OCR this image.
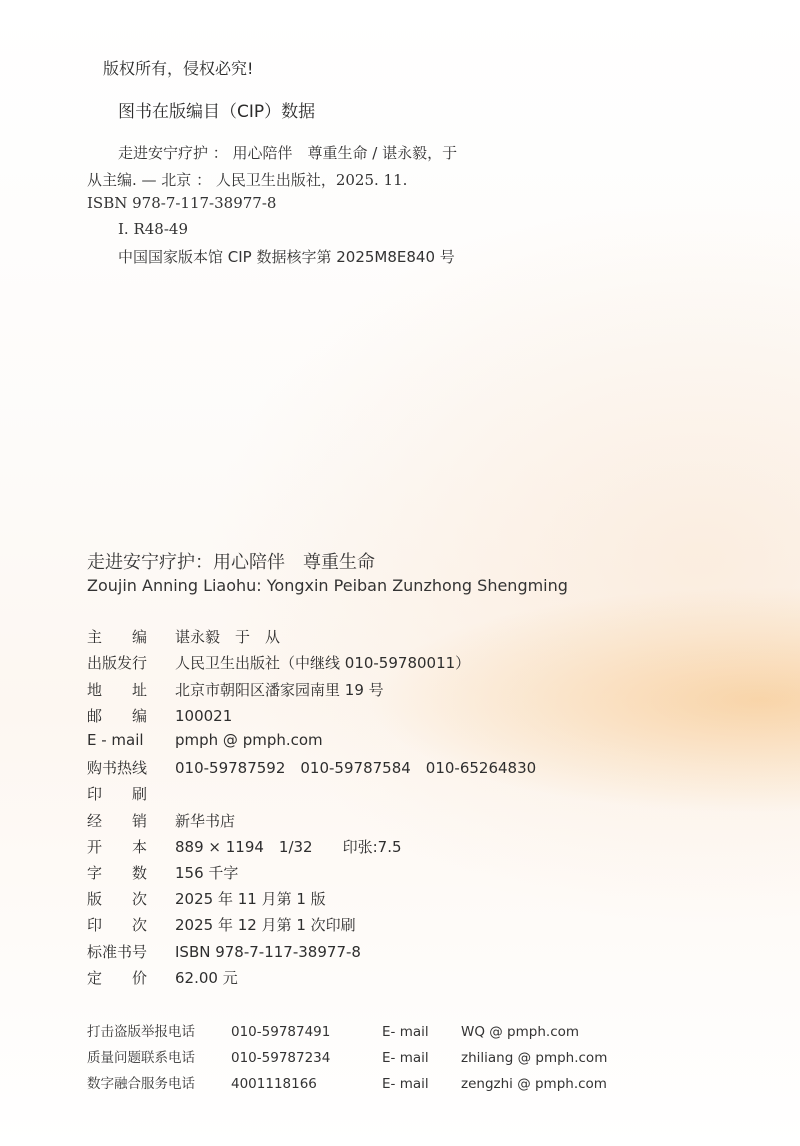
版权所有，侵权必究!
图书在版编目（CIP）数据
走进安宁疗护 ： 用心陪伴　尊重生命 / 谌永毅，于
从主编. — 北京 ： 人民卫生出版社，2025. 11.
ISBN 978-7-117-38977-8
Ⅰ. R48-49
中国国家版本馆 CIP 数据核字第 2025M8E840 号
走进安宁疗护：用心陪伴　尊重生命
Zoujin Anning Liaohu: Yongxin Peiban Zunzhong Shengming
主　　编 谌永毅　于　从
出版发行 人民卫生出版社（中继线 010-59780011）
地　　址 北京市朝阳区潘家园南里 19 号
邮　　编 100021
E - mail pmph @ pmph.com
购书热线 010-59787592　010-59787584　010-65264830
印　　刷
经　　销 新华书店
开　　本 889 × 1194　1/32　　印张:7.5
字　　数 156 千字
版　　次 2025 年 11 月第 1 版
印　　次 2025 年 12 月第 1 次印刷
标准书号 ISBN 978-7-117-38977-8
定　　价 62.00 元
打击盗版举报电话	010-59787491	E- mail WQ @ pmph.com
质量问题联系电话	010-59787234	E- mail zhiliang @ pmph.com
数字融合服务电话	4001118166	E- mail zengzhi @ pmph.com
